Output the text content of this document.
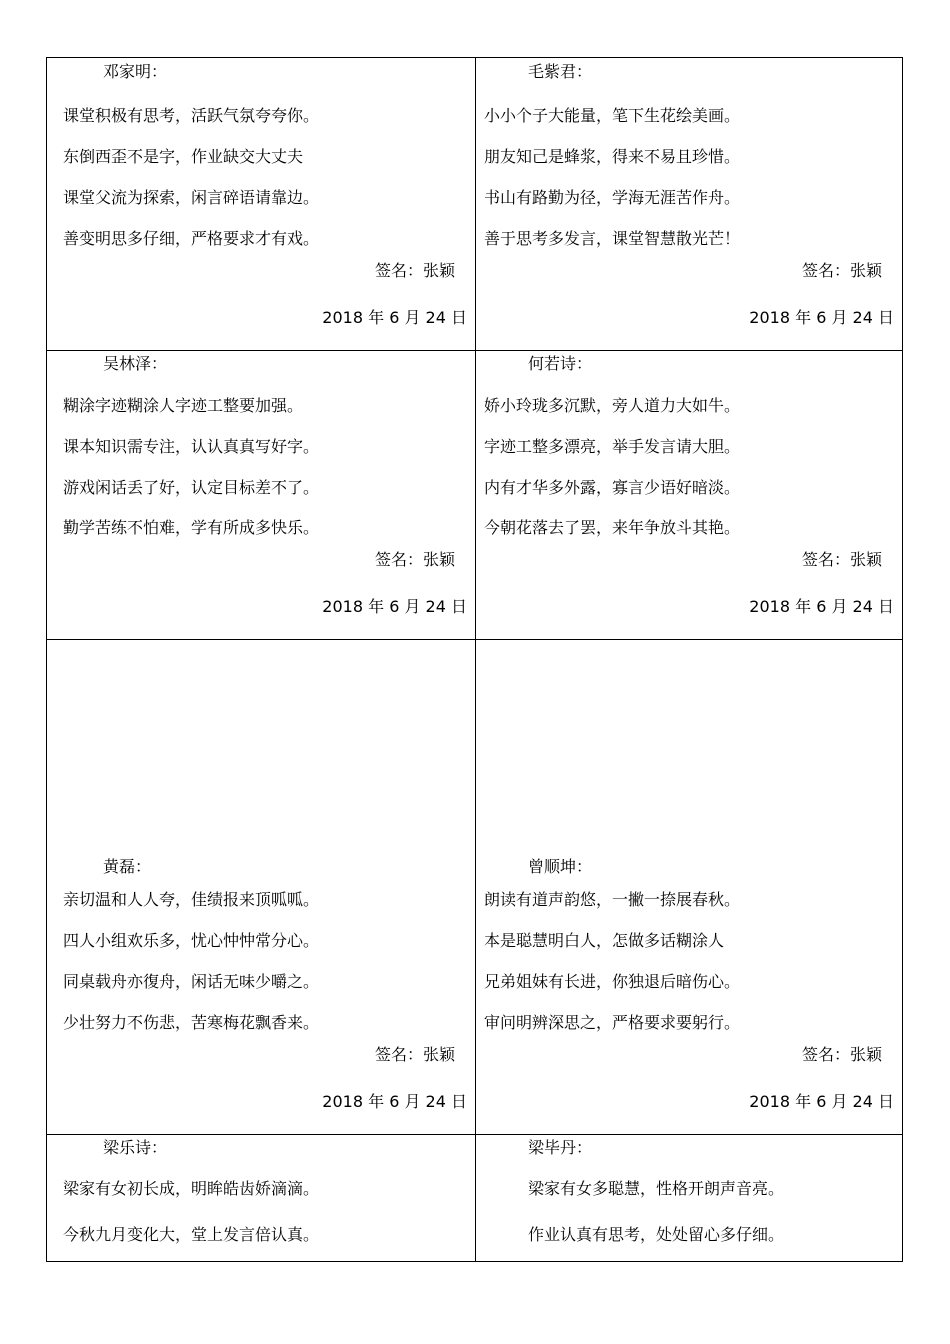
邓家明：
课堂积极有思考，活跃气氛夸夸你。
东倒西歪不是字，作业缺交大丈夫
课堂父流为探索，闲言碎语请靠边。
善变明思多仔细，严格要求才有戏。
签名：张颖
2018 年 6 月 24 日
毛紫君：
小小个子大能量，笔下生花绘美画。
朋友知己是蜂浆，得来不易且珍惜。
书山有路勤为径，学海无涯苦作舟。
善于思考多发言，课堂智慧散光芒！
签名：张颖
2018 年 6 月 24 日
吴林泽：
糊涂字迹糊涂人字迹工整要加强。
课本知识需专注，认认真真写好字。
游戏闲话丢了好，认定目标差不了。
勤学苦练不怕难，学有所成多快乐。
签名：张颖
2018 年 6 月 24 日
何若诗：
娇小玲珑多沉默，旁人道力大如牛。
字迹工整多漂亮，举手发言请大胆。
内有才华多外露，寡言少语好暗淡。
今朝花落去了罢，来年争放斗其艳。
签名：张颖
2018 年 6 月 24 日
黄磊：
亲切温和人人夸，佳绩报来顶呱呱。
四人小组欢乐多，忧心忡忡常分心。
同桌载舟亦復舟，闲话无味少嚼之。
少壮努力不伤悲，苦寒梅花飘香来。
签名：张颖
2018 年 6 月 24 日
曾顺坤：
朗读有道声韵悠，一撇一捺展春秋。
本是聪慧明白人，怎做多话糊涂人
兄弟姐妹有长进，你独退后暗伤心。
审问明辨深思之，严格要求要躬行。
签名：张颖
2018 年 6 月 24 日
梁乐诗：
梁家有女初长成，明眸皓齿娇滴滴。
今秋九月变化大，堂上发言倍认真。
梁毕丹：
梁家有女多聪慧，性格开朗声音亮。
作业认真有思考，处处留心多仔细。
